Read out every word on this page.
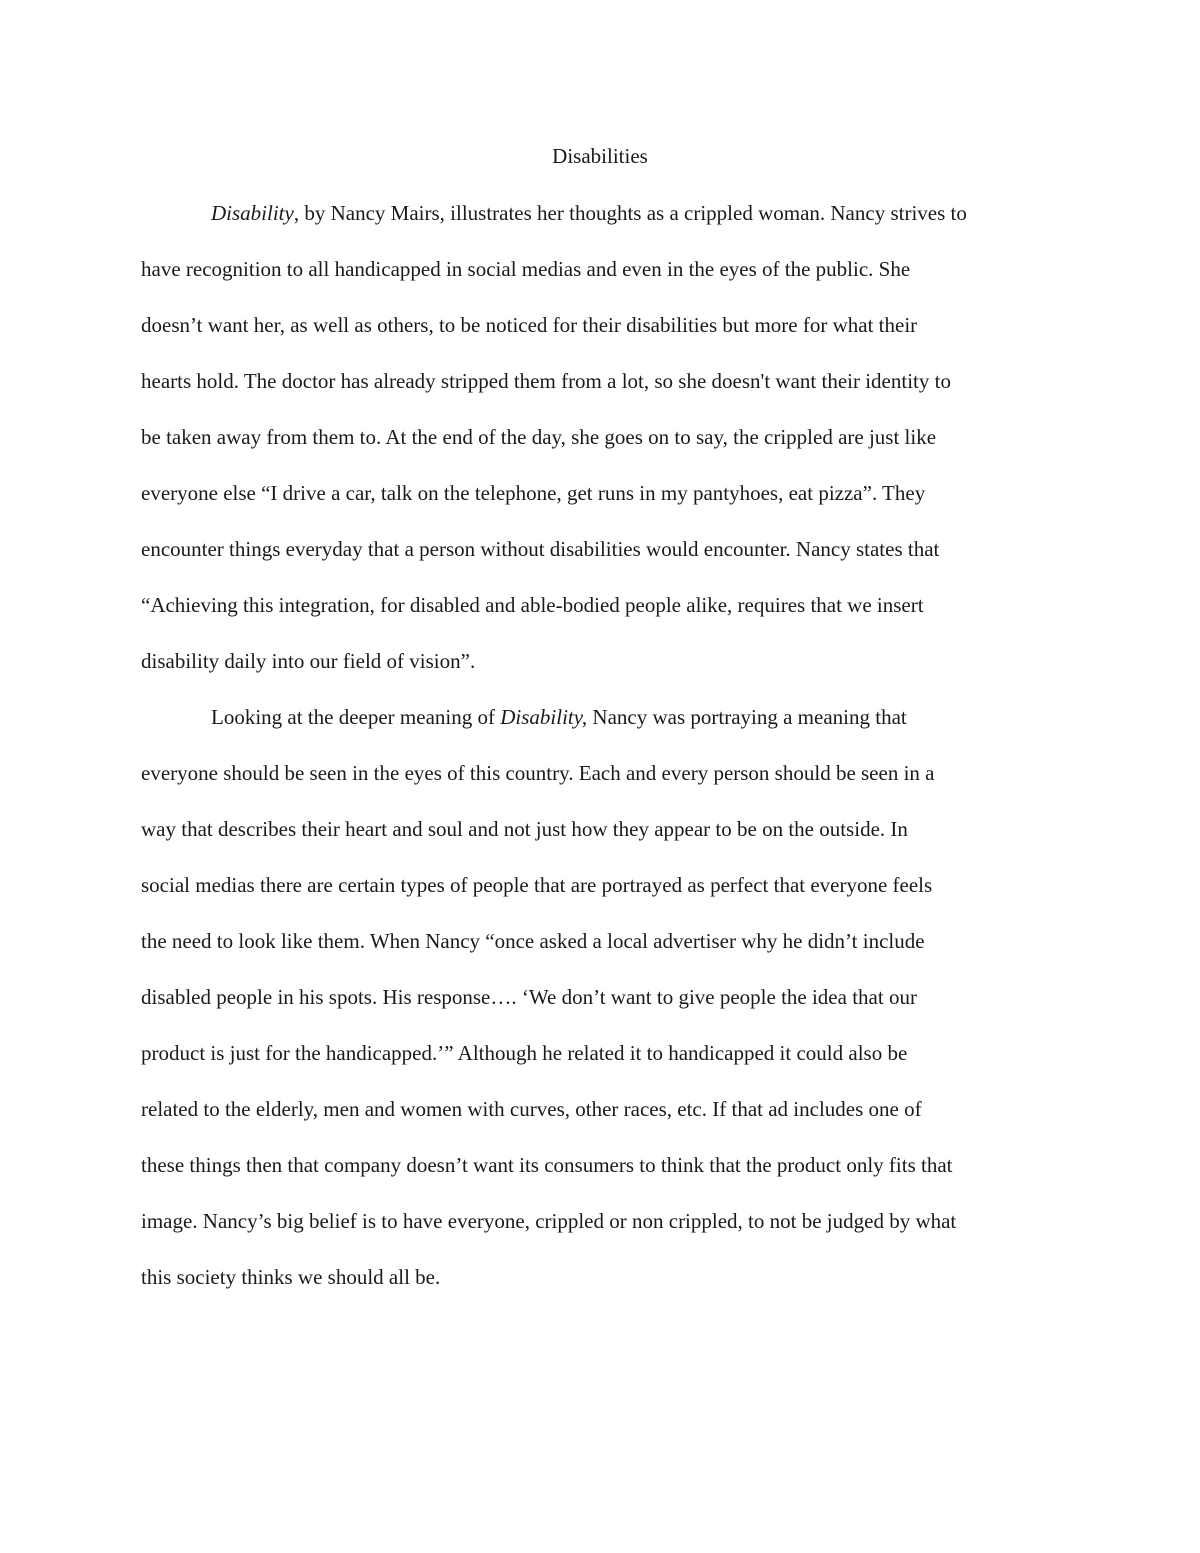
Disabilities
Disability, by Nancy Mairs, illustrates her thoughts as a crippled woman. Nancy strives to
have recognition to all handicapped in social medias and even in the eyes of the public. She
doesn’t want her, as well as others, to be noticed for their disabilities but more for what their
hearts hold. The doctor has already stripped them from a lot, so she doesn't want their identity to
be taken away from them to. At the end of the day, she goes on to say, the crippled are just like
everyone else “I drive a car, talk on the telephone, get runs in my pantyhoes, eat pizza”. They
encounter things everyday that a person without disabilities would encounter. Nancy states that
“Achieving this integration, for disabled and able-bodied people alike, requires that we insert
disability daily into our field of vision”.
Looking at the deeper meaning of Disability, Nancy was portraying a meaning that
everyone should be seen in the eyes of this country. Each and every person should be seen in a
way that describes their heart and soul and not just how they appear to be on the outside. In
social medias there are certain types of people that are portrayed as perfect that everyone feels
the need to look like them. When Nancy “once asked a local advertiser why he didn’t include
disabled people in his spots. His response…. ‘We don’t want to give people the idea that our
product is just for the handicapped.’” Although he related it to handicapped it could also be
related to the elderly, men and women with curves, other races, etc. If that ad includes one of
these things then that company doesn’t want its consumers to think that the product only fits that
image. Nancy’s big belief is to have everyone, crippled or non crippled, to not be judged by what
this society thinks we should all be.
